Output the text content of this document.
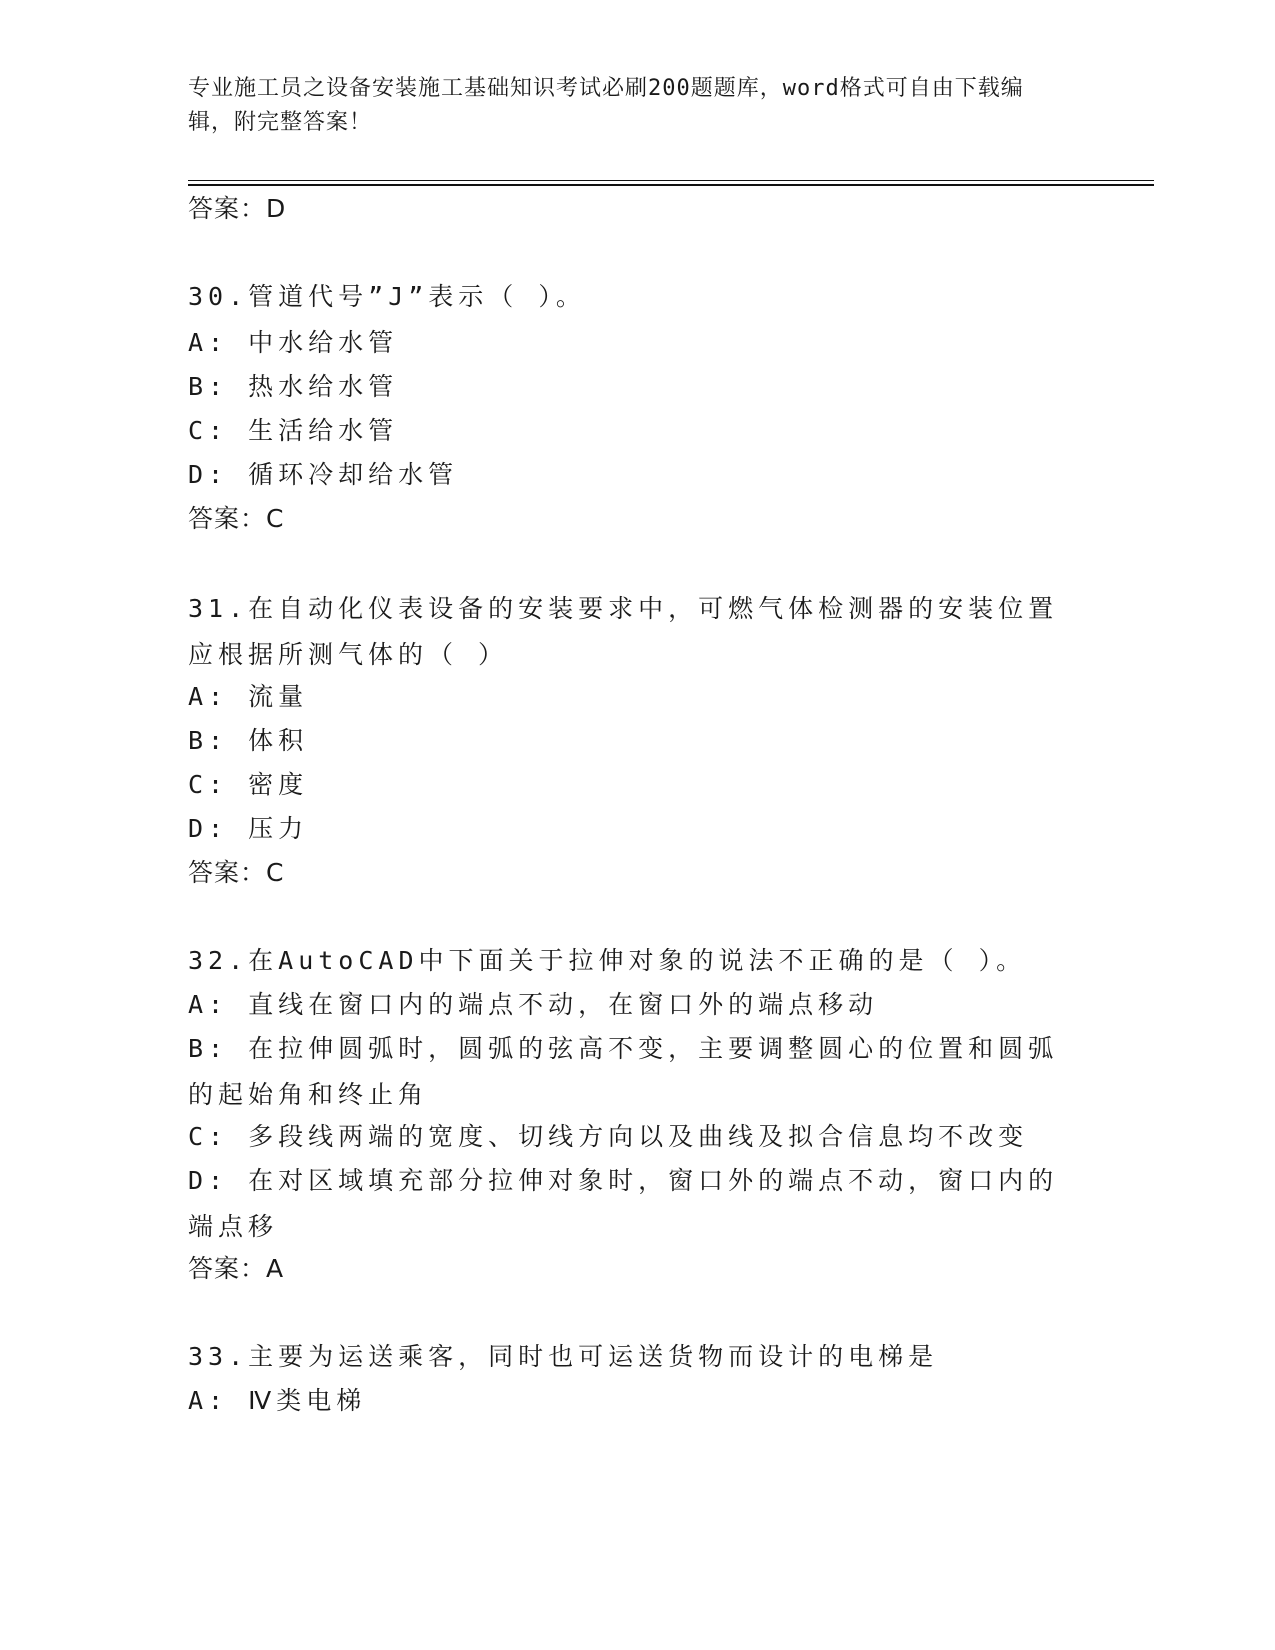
专业施工员之设备安装施工基础知识考试必刷200题题库，word格式可自由下载编辑，附完整答案！
答案：D
30.管道代号”J”表示（ ）。
A: 中水给水管
B: 热水给水管
C: 生活给水管
D: 循环冷却给水管
答案：C
31.在自动化仪表设备的安装要求中，可燃气体检测器的安装位置应根据所测气体的（ ）
A: 流量
B: 体积
C: 密度
D: 压力
答案：C
32.在AutoCAD中下面关于拉伸对象的说法不正确的是（ ）。
A: 直线在窗口内的端点不动，在窗口外的端点移动
B: 在拉伸圆弧时，圆弧的弦高不变，主要调整圆心的位置和圆弧的起始角和终止角
C: 多段线两端的宽度、切线方向以及曲线及拟合信息均不改变
D: 在对区域填充部分拉伸对象时，窗口外的端点不动，窗口内的端点移
答案：A
33.主要为运送乘客，同时也可运送货物而设计的电梯是
A: Ⅳ类电梯
